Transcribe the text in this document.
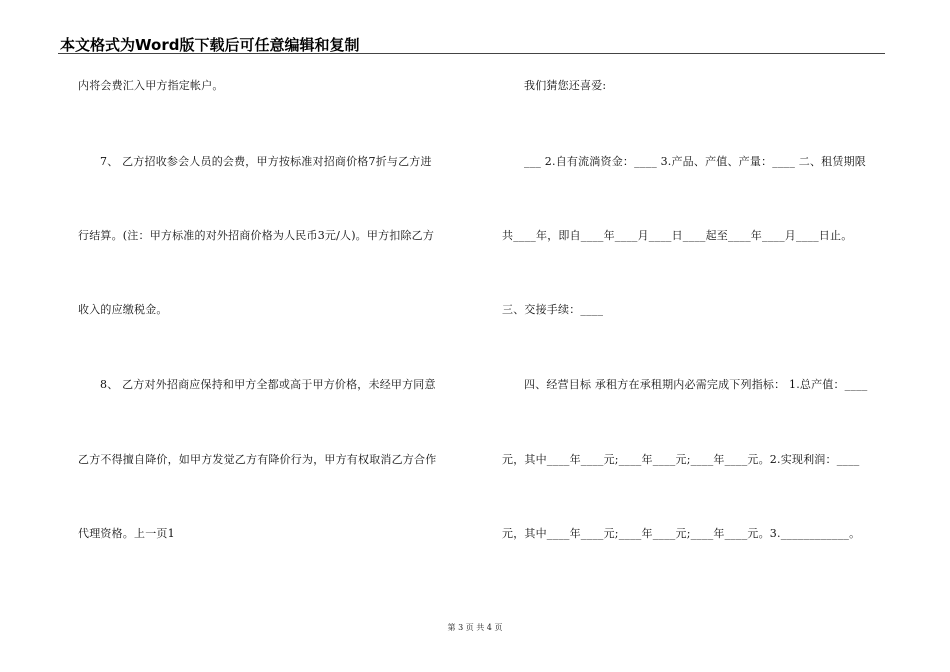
本文格式为Word版下载后可任意编辑和复制
内将会费汇入甲方指定帐户。
7、 乙方招收参会人员的会费，甲方按标准对招商价格7折与乙方进
行结算。(注：甲方标准的对外招商价格为人民币3元/人)。甲方扣除乙方
收入的应缴税金。
8、 乙方对外招商应保持和甲方全都或高于甲方价格，未经甲方同意
乙方不得擅自降价，如甲方发觉乙方有降价行为，甲方有权取消乙方合作
代理资格。上一页1
我们猜您还喜爱:
___ 2.自有流淌资金：____ 3.产品、产值、产量：____ 二、租赁期限
共____年，即自____年____月____日____起至____年____月____日止。
三、交接手续：____
四、经营目标 承租方在承租期内必需完成下列指标： 1.总产值：____
元，其中____年____元;____年____元;____年____元。2.实现利润：____
元，其中____年____元;____年____元;____年____元。3.____________。
第 3 页 共 4 页
